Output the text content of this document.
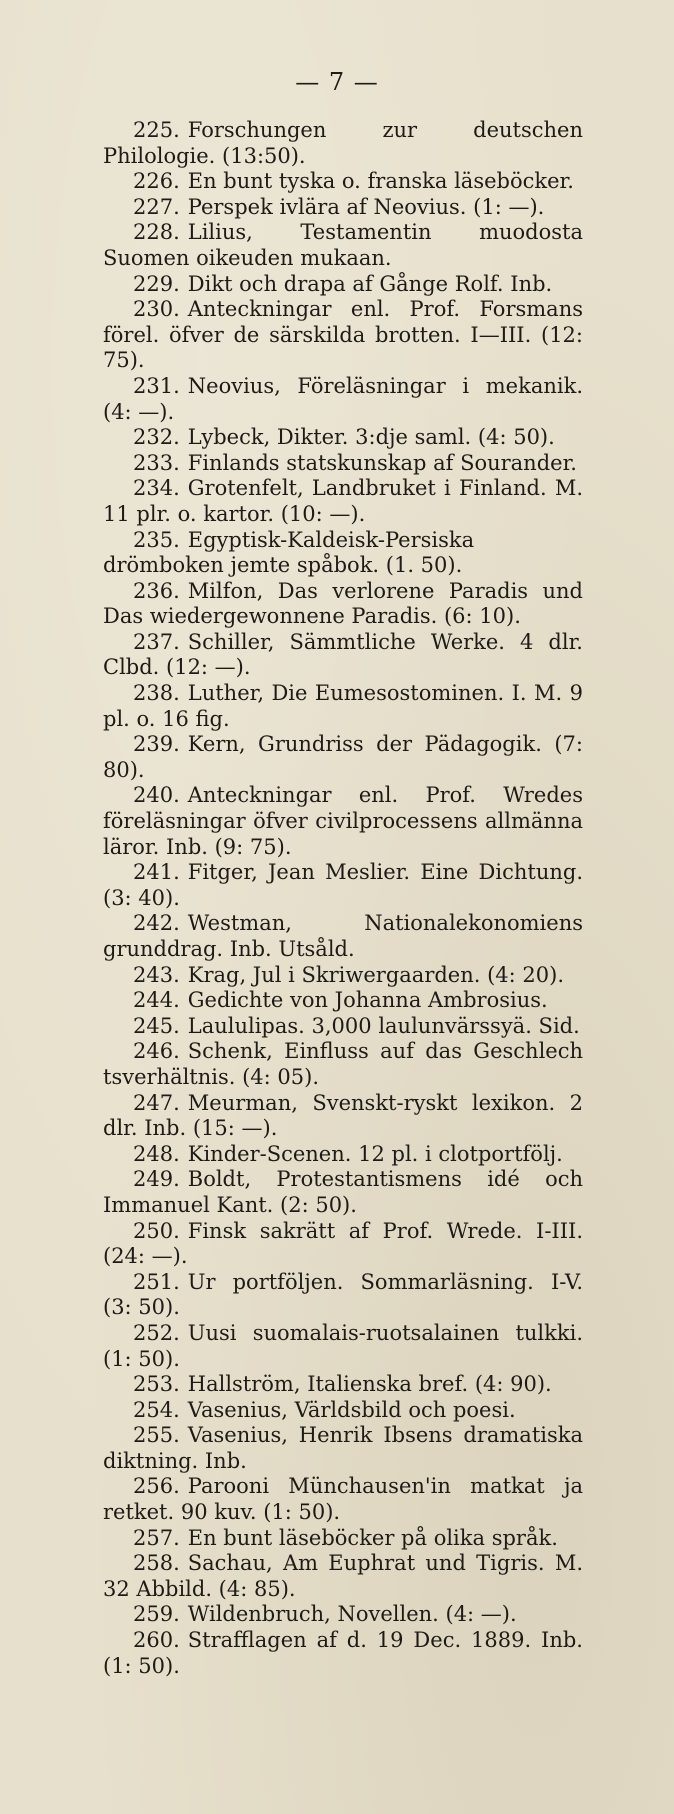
— 7 —

225. Forschungen zur deutschen Philologie. (13:50).

226. En bunt tyska o. franska läseböcker.

227. Perspek ivlära af Neovius. (1: —).

228. Lilius, Testamentin muodosta Suomen oikeuden mukaan.

229. Dikt och drapa af Gånge Rolf. Inb.

230. Anteckningar enl. Prof. Forsmans förel. öfver de särskilda brotten. I—III. (12: 75).

231. Neovius, Föreläsningar i mekanik. (4: —).

232. Lybeck, Dikter. 3:dje saml. (4: 50).

233. Finlands statskunskap af Sourander.

234. Grotenfelt, Landbruket i Finland. M. 11 plr. o. kartor. (10: —).

235. Egyptisk-Kaldeisk-Persiska drömboken jemte spåbok. (1. 50).

236. Milfon, Das verlorene Paradis und Das wiedergewonnene Paradis. (6: 10).

237. Schiller, Sämmtliche Werke. 4 dlr. Clbd. (12: —).

238. Luther, Die Eumesostominen. I. M. 9 pl. o. 16 fig.

239. Kern, Grundriss der Pädagogik. (7: 80).

240. Anteckningar enl. Prof. Wredes föreläsningar öfver civilprocessens allmänna läror. Inb. (9: 75).

241. Fitger, Jean Meslier. Eine Dichtung. (3: 40).

242. Westman, Nationalekonomiens grunddrag. Inb. Utsåld.

243. Krag, Jul i Skriwergaarden. (4: 20).

244. Gedichte von Johanna Ambrosius.

245. Laululipas. 3,000 laulunvärssyä. Sid.

246. Schenk, Einfluss auf das Geschlech tsverhältnis. (4: 05).

247. Meurman, Svenskt-ryskt lexikon. 2 dlr. Inb. (15: —).

248. Kinder-Scenen. 12 pl. i clotportfölj.

249. Boldt, Protestantismens idé och Immanuel Kant. (2: 50).

250. Finsk sakrätt af Prof. Wrede. I-III. (24: —).

251. Ur portföljen. Sommarläsning. I-V. (3: 50).

252. Uusi suomalais-ruotsalainen tulkki. (1: 50).

253. Hallström, Italienska bref. (4: 90).

254. Vasenius, Världsbild och poesi.

255. Vasenius, Henrik Ibsens dramatiska diktning. Inb.

256. Parooni Münchausen'in matkat ja retket. 90 kuv. (1: 50).

257. En bunt läseböcker på olika språk.

258. Sachau, Am Euphrat und Tigris. M. 32 Abbild. (4: 85).

259. Wildenbruch, Novellen. (4: —).

260. Strafflagen af d. 19 Dec. 1889. Inb. (1: 50).
